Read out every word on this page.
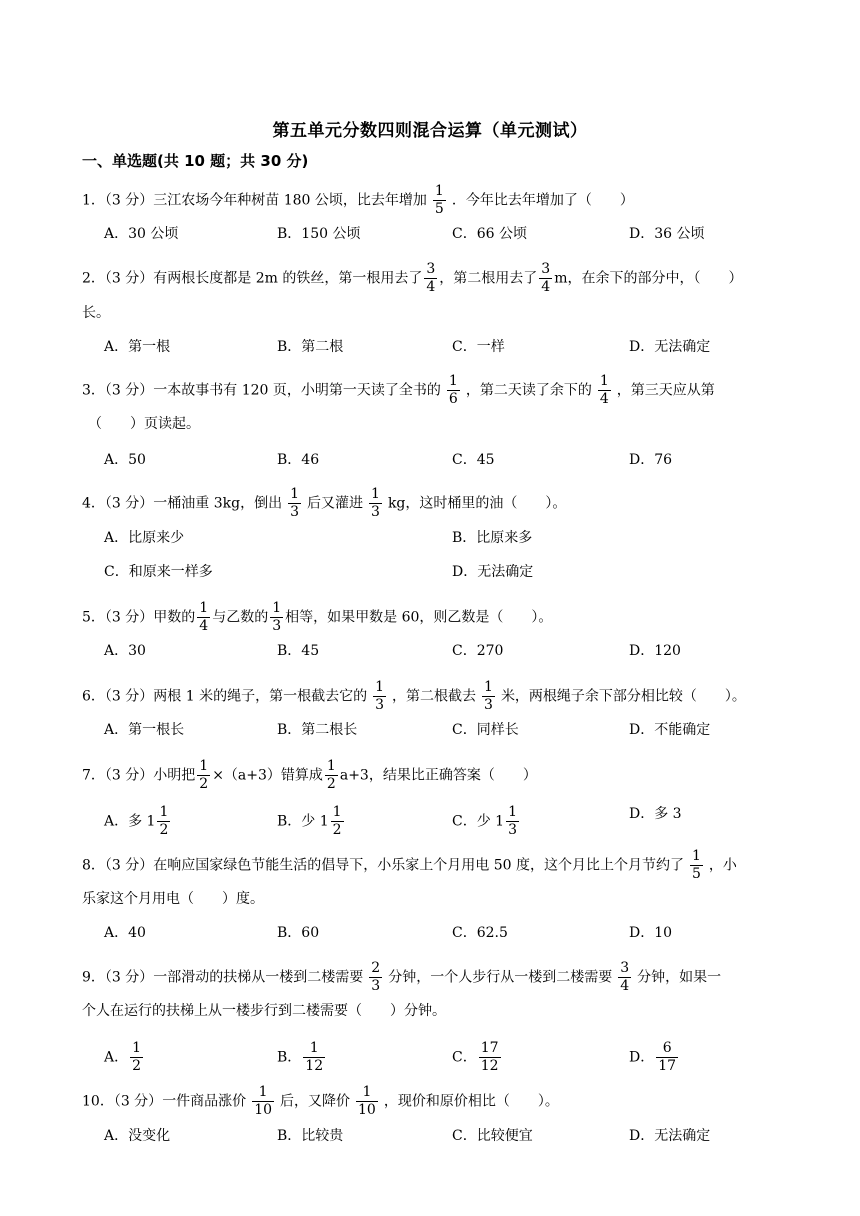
第五单元分数四则混合运算（单元测试）
一、单选题(共 10 题；共 30 分)
1．（3 分）三江农场今年种树苗 180 公顷，比去年增加 $\frac{1}{5}$ ．今年比去年增加了（　　）
A．30 公顷	B．150 公顷	C．66 公顷	D．36 公顷
2．（3 分）有两根长度都是 2m 的铁丝，第一根用去了 $\frac{3}{4}$ ，第二根用去了 $\frac{3}{4}$ m，在余下的部分中，（　　）
长。
A．第一根	B．第二根	C．一样	D．无法确定
3．（3 分）一本故事书有 120 页，小明第一天读了全书的 $\frac{1}{6}$ ，第二天读了余下的 $\frac{1}{4}$ ，第三天应从第
（　　）页读起。
A．50	B．46	C．45	D．76
4．（3 分）一桶油重 3kg，倒出 $\frac{1}{3}$ 后又灌进 $\frac{1}{3}$ kg，这时桶里的油（　　）。
A．比原来少	B．比原来多
C．和原来一样多	D．无法确定
5．（3 分）甲数的 $\frac{1}{4}$ 与乙数的 $\frac{1}{3}$ 相等，如果甲数是 60，则乙数是（　　）。
A．30	B．45	C．270	D．120
6．（3 分）两根 1 米的绳子，第一根截去它的 $\frac{1}{3}$ ，第二根截去 $\frac{1}{3}$ 米，两根绳子余下部分相比较（　　）。
A．第一根长	B．第二根长	C．同样长	D．不能确定
7．（3 分）小明把 $\frac{1}{2} \times(a+3)$错算成 $\frac{1}{2} a+3$，结果比正确答案（　　）
A．多 $1 \frac{1}{2}$	B．少 $1 \frac{1}{2}$	C．少 $1 \frac{1}{3}$	D．多 3
8．（3 分）在响应国家绿色节能生活的倡导下，小乐家上个月用电 50 度，这个月比上个月节约了 $\frac{1}{5}$ ，小
乐家这个月用电（　　）度。
A．40	B．60	C．62.5	D．10
9．（3 分）一部滑动的扶梯从一楼到二楼需要 $\frac{2}{3}$ 分钟，一个人步行从一楼到二楼需要 $\frac{3}{4}$ 分钟，如果一
个人在运行的扶梯上从一楼步行到二楼需要（　　）分钟。
A． $\frac{1}{2}$	B． $\frac{1}{12}$	C． $\frac{17}{12}$	D． $\frac{6}{17}$
10．（3 分）一件商品涨价 $\frac{1}{10}$ 后，又降价 $\frac{1}{10}$ ，现价和原价相比（　　）。
A．没变化	B．比较贵	C．比较便宜	D．无法确定
